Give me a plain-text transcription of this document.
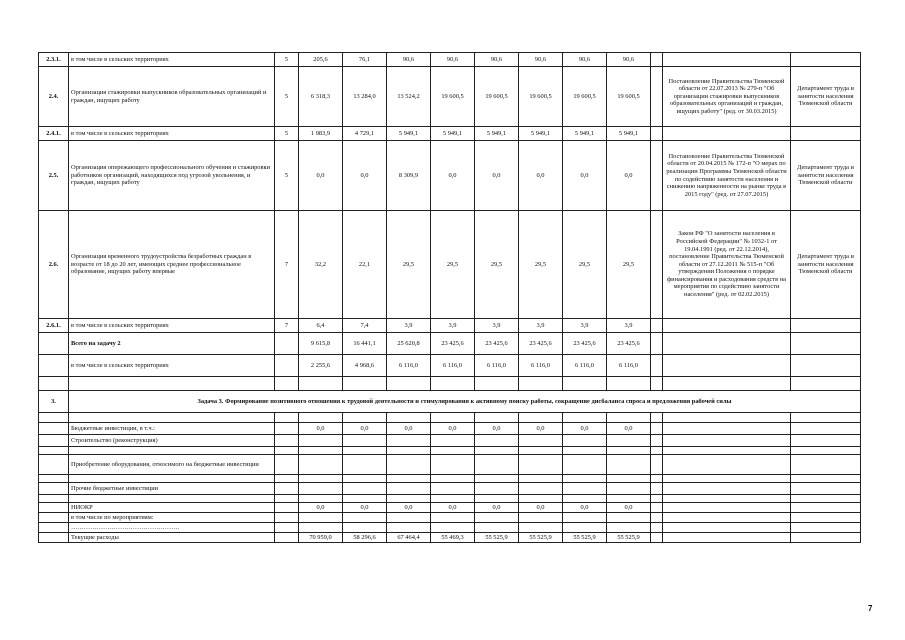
2.3.1.	в том числе в сельских территориях	5	205,6	76,1	90,6	90,6	90,6	90,6	90,6	90,6			
2.4.	Организация стажировки выпускников образовательных организаций и граждан, ищущих работу	5	6 318,3	13 284,0	13 524,2	19 600,5	19 600,5	19 600,5	19 600,5	19 600,5		Постановление Правительства Тюменской области от 22.07.2013 № 279-п "Об организации стажировки выпускников образовательных организаций и граждан, ищущих работу" (ред. от 30.03.2015)	Департамент труда и занятости населения Тюменской области
2.4.1.	в том числе в сельских территориях	5	1 983,9	4 729,1	5 949,1	5 949,1	5 949,1	5 949,1	5 949,1	5 949,1			
2.5.	Организация опережающего профессионального обучения и стажировки работников организаций, находящихся под угрозой увольнения, и граждан, ищущих работу	5	0,0	0,0	8 309,9	0,0	0,0	0,0	0,0	0,0		Постановление Правительства Тюменской области от 20.04.2015 № 172-п "О мерах по реализации Программы Тюменской области по содействию занятости населения и снижению напряженности на рынке труда в 2015 году" (ред. от 27.07.2015)	Департамент труда и занятости населения Тюменской области
2.6.	Организация временного трудоустройства безработных граждан в возрасте от 18 до 20 лет, имеющих среднее профессиональное образование, ищущих работу впервые	7	32,2	22,1	29,5	29,5	29,5	29,5	29,5	29,5		Закон РФ "О занятости населения в Российской Федерации" № 1032-1 от 19.04.1991 (ред. от 22.12.2014), постановление Правительства Тюменской области от 27.12.2011 № 515-п "Об утверждении Положения о порядке финансирования и расходования средств на мероприятия по содействию занятости населения" (ред. от 02.02.2015)	Департамент труда и занятости населения Тюменской области
2.6.1.	в том числе в сельских территориях	7	6,4	7,4	3,9	3,9	3,9	3,9	3,9	3,9			
	Всего на задачу 2		9 615,8	16 441,1	25 620,8	23 425,6	23 425,6	23 425,6	23 425,6	23 425,6			
	в том числе в сельских территориях		2 255,6	4 968,6	6 116,0	6 116,0	6 116,0	6 116,0	6 116,0	6 116,0			

3.	Задача 3. Формирование позитивного отношения к трудовой деятельности и стимулирования к активному поиску работы, сокращение дисбаланса спроса и предложения рабочей силы												

	Бюджетные инвестиции, в т.ч.:		0,0	0,0	0,0	0,0	0,0	0,0	0,0	0,0			
	Строительство (реконструкция)												

	Приобретение оборудования, относимого на бюджетные инвестиции												

	Прочие бюджетные инвестиции												

	НИОКР		0,0	0,0	0,0	0,0	0,0	0,0	0,0	0,0			
	в том числе по мероприятиям:												
	……………………………………………												
	Текущие расходы		70 959,0	58 296,6	67 464,4	55 469,3	55 525,9	55 525,9	55 525,9	55 525,9			
7
